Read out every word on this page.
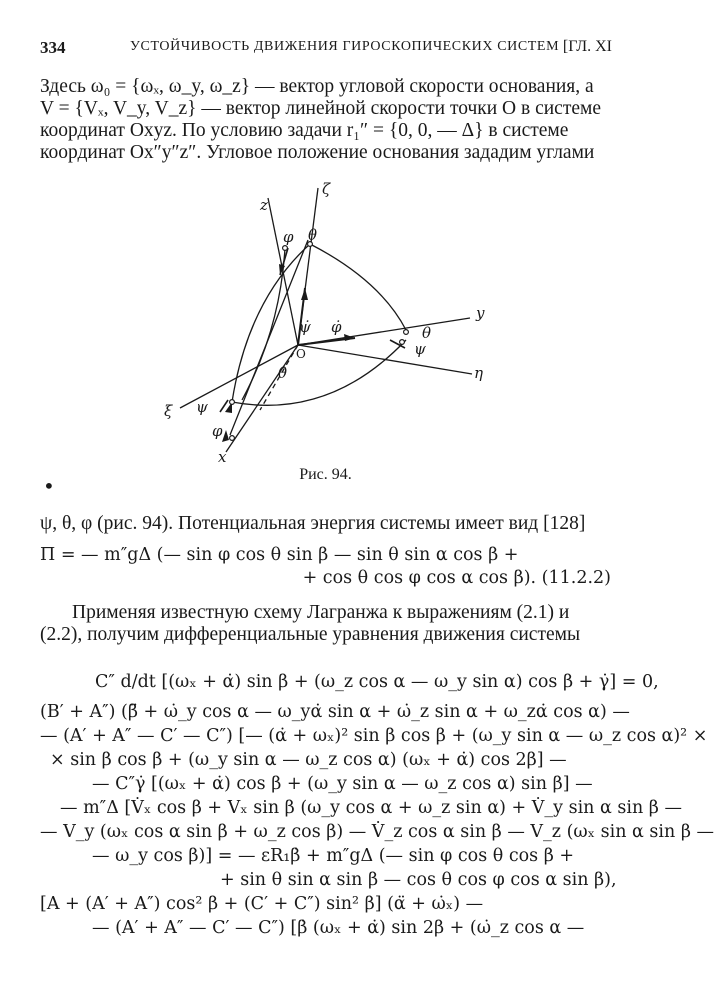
334	УСТОЙЧИВОСТЬ ДВИЖЕНИЯ ГИРОСКОПИЧЕСКИХ СИСТЕМ [ГЛ. XI
Здесь ω₀ = {ωₓ, ω_y, ω_z} — вектор угловой скорости основания, а
V = {Vₓ, V_y, V_z} — вектор линейной скорости точки O в системе
координат Oxyz. По условию задачи r₁″ = {0, 0, — Δ} в системе
координат Ox″y″z″. Угловое положение основания зададим углами
z
ζ
φ θ
ψ̇ φ̇
O
y
θ
ψ
η
θ̇
ξ ψ
φ
x
Рис. 94.
•
ψ, θ, φ (рис. 94). Потенциальная энергия системы имеет вид [128]
Π = — m″gΔ (— sin φ cos θ sin β — sin θ sin α cos β +
+ cos θ cos φ cos α cos β). (11.2.2)
Применяя известную схему Лагранжа к выражениям (2.1) и
(2.2), получим дифференциальные уравнения движения системы
C″ d/dt [(ωₓ + α̇) sin β + (ω_z cos α — ω_y sin α) cos β + γ̇] = 0,
(B′ + A″) (β̈ + ω̇_y cos α — ω_yα̇ sin α + ω̇_z sin α + ω_zα̇ cos α) —
— (A′ + A″ — C′ — C″) [— (α̇ + ωₓ)² sin β cos β + (ω_y sin α — ω_z cos α)² ×
× sin β cos β + (ω_y sin α — ω_z cos α) (ωₓ + α̇) cos 2β] —
— C″γ̇ [(ωₓ + α̇) cos β + (ω_y sin α — ω_z cos α) sin β] —
— m″Δ [V̇ₓ cos β + Vₓ sin β (ω_y cos α + ω_z sin α) + V̇_y sin α sin β —
— V_y (ωₓ cos α sin β + ω_z cos β) — V̇_z cos α sin β — V_z (ωₓ sin α sin β —
— ω_y cos β)] = — εR₁β̇ + m″gΔ (— sin φ cos θ cos β +
+ sin θ sin α sin β — cos θ cos φ cos α sin β),
[A + (A′ + A″) cos² β + (C′ + C″) sin² β] (α̈ + ω̇ₓ) —
— (A′ + A″ — C′ — C″) [β̇ (ωₓ + α̇) sin 2β + (ω̇_z cos α —
